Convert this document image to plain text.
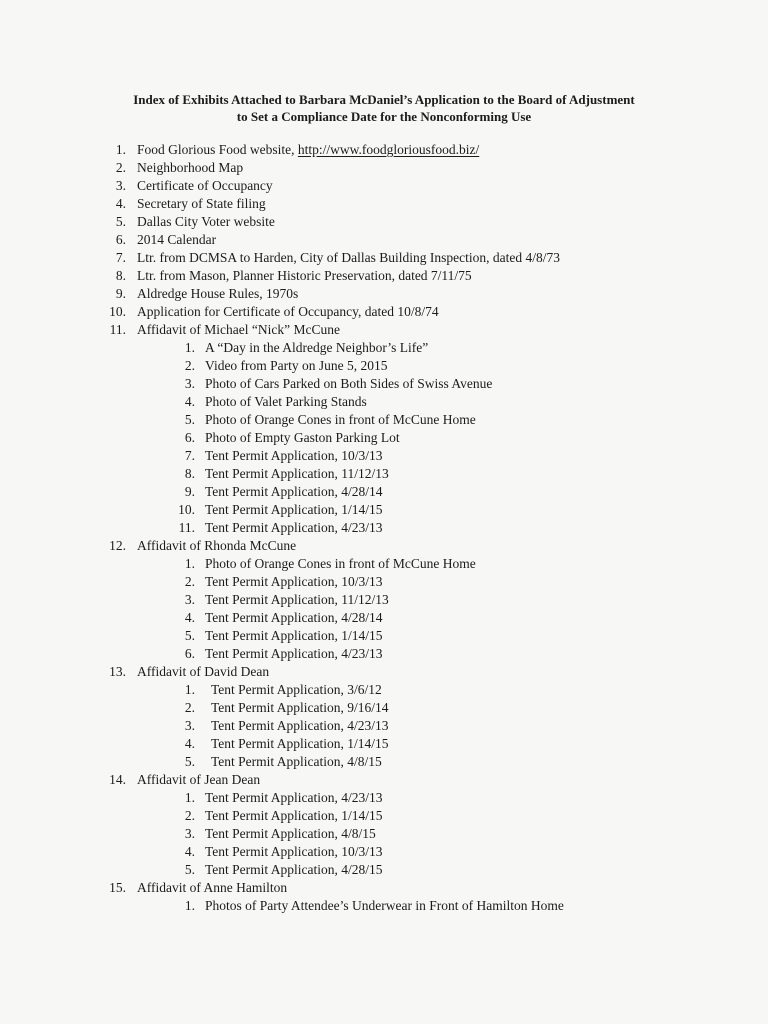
Index of Exhibits Attached to Barbara McDaniel’s Application to the Board of Adjustment
to Set a Compliance Date for the Nonconforming Use
1. Food Glorious Food website, http://www.foodgloriousfood.biz/
2. Neighborhood Map
3. Certificate of Occupancy
4. Secretary of State filing
5. Dallas City Voter website
6. 2014 Calendar
7. Ltr. from DCMSA to Harden, City of Dallas Building Inspection, dated 4/8/73
8. Ltr. from Mason, Planner Historic Preservation, dated 7/11/75
9. Aldredge House Rules, 1970s
10. Application for Certificate of Occupancy, dated 10/8/74
11. Affidavit of Michael “Nick” McCune
1. A “Day in the Aldredge Neighbor’s Life”
2. Video from Party on June 5, 2015
3. Photo of Cars Parked on Both Sides of Swiss Avenue
4. Photo of Valet Parking Stands
5. Photo of Orange Cones in front of McCune Home
6. Photo of Empty Gaston Parking Lot
7. Tent Permit Application, 10/3/13
8. Tent Permit Application, 11/12/13
9. Tent Permit Application, 4/28/14
10. Tent Permit Application, 1/14/15
11. Tent Permit Application, 4/23/13
12. Affidavit of Rhonda McCune
1. Photo of Orange Cones in front of McCune Home
2. Tent Permit Application, 10/3/13
3. Tent Permit Application, 11/12/13
4. Tent Permit Application, 4/28/14
5. Tent Permit Application, 1/14/15
6. Tent Permit Application, 4/23/13
13. Affidavit of David Dean
1. Tent Permit Application, 3/6/12
2. Tent Permit Application, 9/16/14
3. Tent Permit Application, 4/23/13
4. Tent Permit Application, 1/14/15
5. Tent Permit Application, 4/8/15
14. Affidavit of Jean Dean
1. Tent Permit Application, 4/23/13
2. Tent Permit Application, 1/14/15
3. Tent Permit Application, 4/8/15
4. Tent Permit Application, 10/3/13
5. Tent Permit Application, 4/28/15
15. Affidavit of Anne Hamilton
1. Photos of Party Attendee’s Underwear in Front of Hamilton Home
